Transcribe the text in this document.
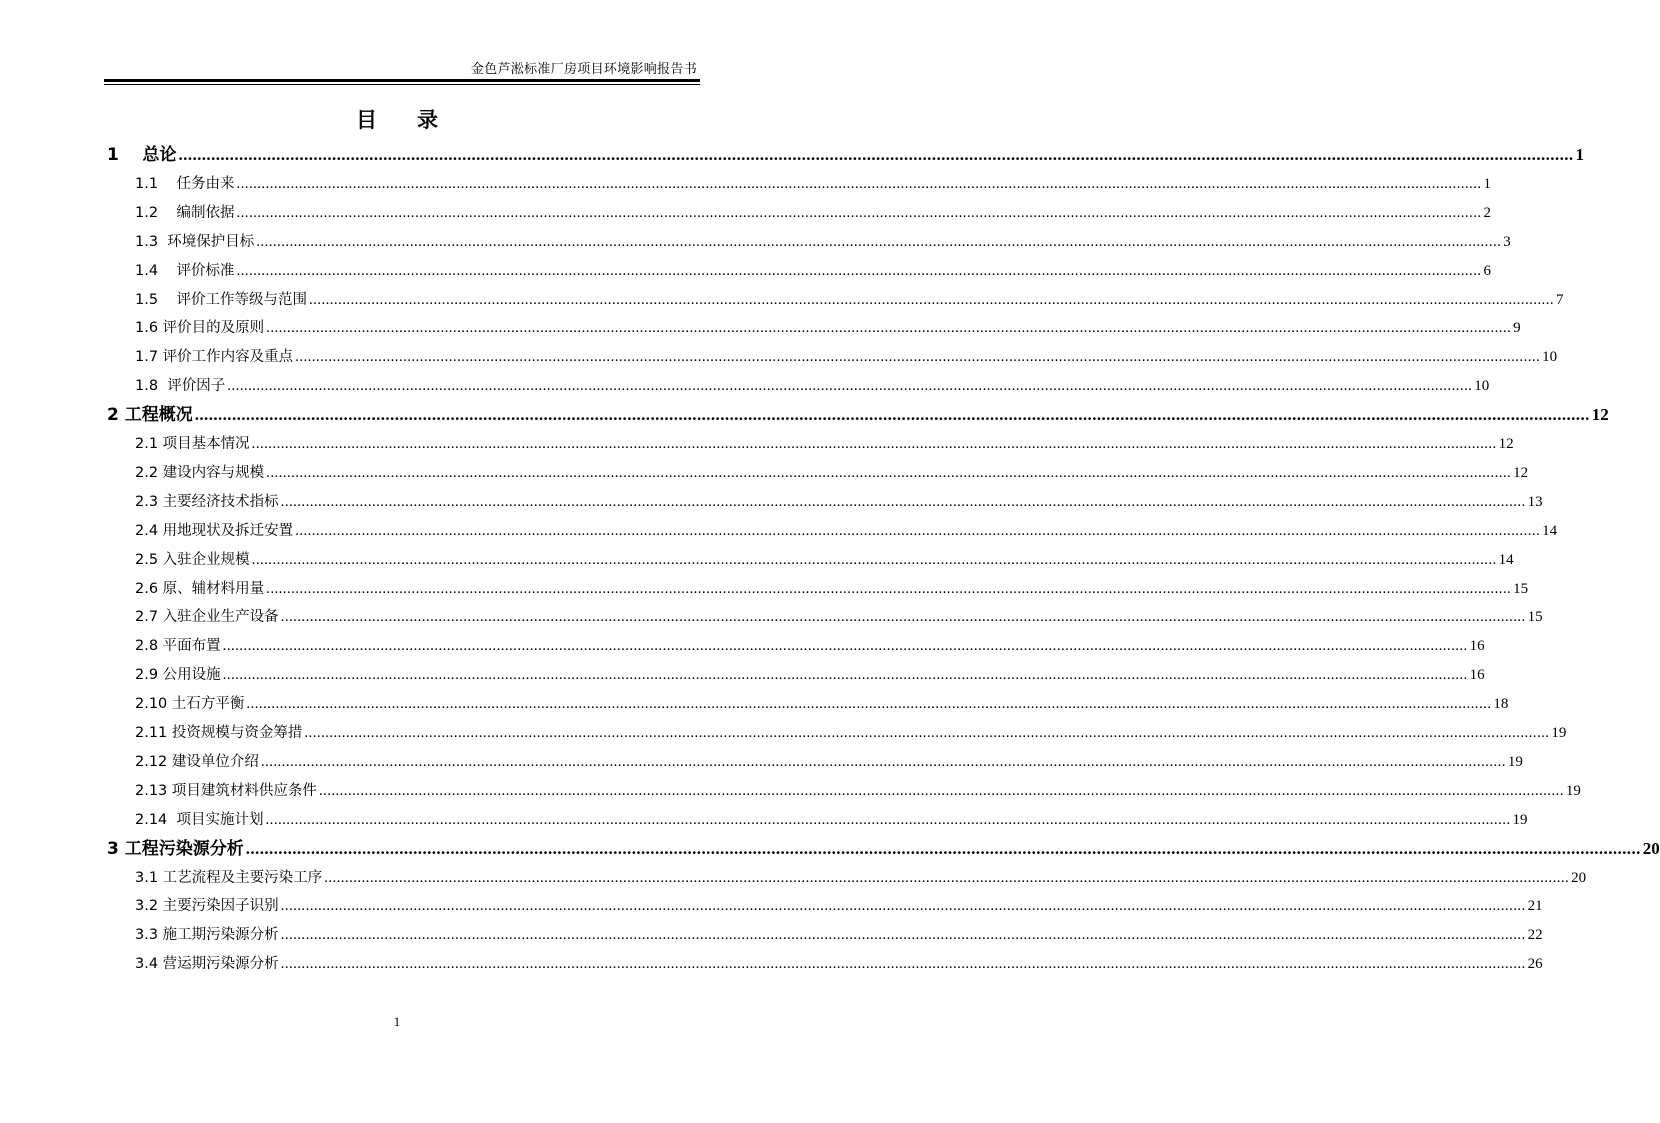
金色芦淞标准厂房项目环境影响报告书
目录
1    总论 ............................................................................................................................................................................................................................................................................................................ 1
1.1    任务由来 ............................................................................................................................................................................................................................................................................................................ 1
1.2    编制依据 ............................................................................................................................................................................................................................................................................................................ 2
1.3  环境保护目标 ............................................................................................................................................................................................................................................................................................................ 3
1.4    评价标准 ............................................................................................................................................................................................................................................................................................................ 6
1.5    评价工作等级与范围 ............................................................................................................................................................................................................................................................................................................ 7
1.6 评价目的及原则 ............................................................................................................................................................................................................................................................................................................ 9
1.7 评价工作内容及重点 ............................................................................................................................................................................................................................................................................................................ 10
1.8  评价因子 ............................................................................................................................................................................................................................................................................................................ 10
2 工程概况 ............................................................................................................................................................................................................................................................................................................ 12
2.1 项目基本情况 ............................................................................................................................................................................................................................................................................................................ 12
2.2 建设内容与规模 ............................................................................................................................................................................................................................................................................................................ 12
2.3 主要经济技术指标 ............................................................................................................................................................................................................................................................................................................ 13
2.4 用地现状及拆迁安置 ............................................................................................................................................................................................................................................................................................................ 14
2.5 入驻企业规模 ............................................................................................................................................................................................................................................................................................................ 14
2.6 原、辅材料用量 ............................................................................................................................................................................................................................................................................................................ 15
2.7 入驻企业生产设备 ............................................................................................................................................................................................................................................................................................................ 15
2.8 平面布置 ............................................................................................................................................................................................................................................................................................................ 16
2.9 公用设施 ............................................................................................................................................................................................................................................................................................................ 16
2.10 土石方平衡 ............................................................................................................................................................................................................................................................................................................ 18
2.11 投资规模与资金筹措 ............................................................................................................................................................................................................................................................................................................ 19
2.12 建设单位介绍 ............................................................................................................................................................................................................................................................................................................ 19
2.13 项目建筑材料供应条件 ............................................................................................................................................................................................................................................................................................................ 19
2.14  项目实施计划 ............................................................................................................................................................................................................................................................................................................ 19
3 工程污染源分析 ............................................................................................................................................................................................................................................................................................................ 20
3.1 工艺流程及主要污染工序 ............................................................................................................................................................................................................................................................................................................ 20
3.2 主要污染因子识别 ............................................................................................................................................................................................................................................................................................................ 21
3.3 施工期污染源分析 ............................................................................................................................................................................................................................................................................................................ 22
3.4 营运期污染源分析 ............................................................................................................................................................................................................................................................................................................ 26
1
